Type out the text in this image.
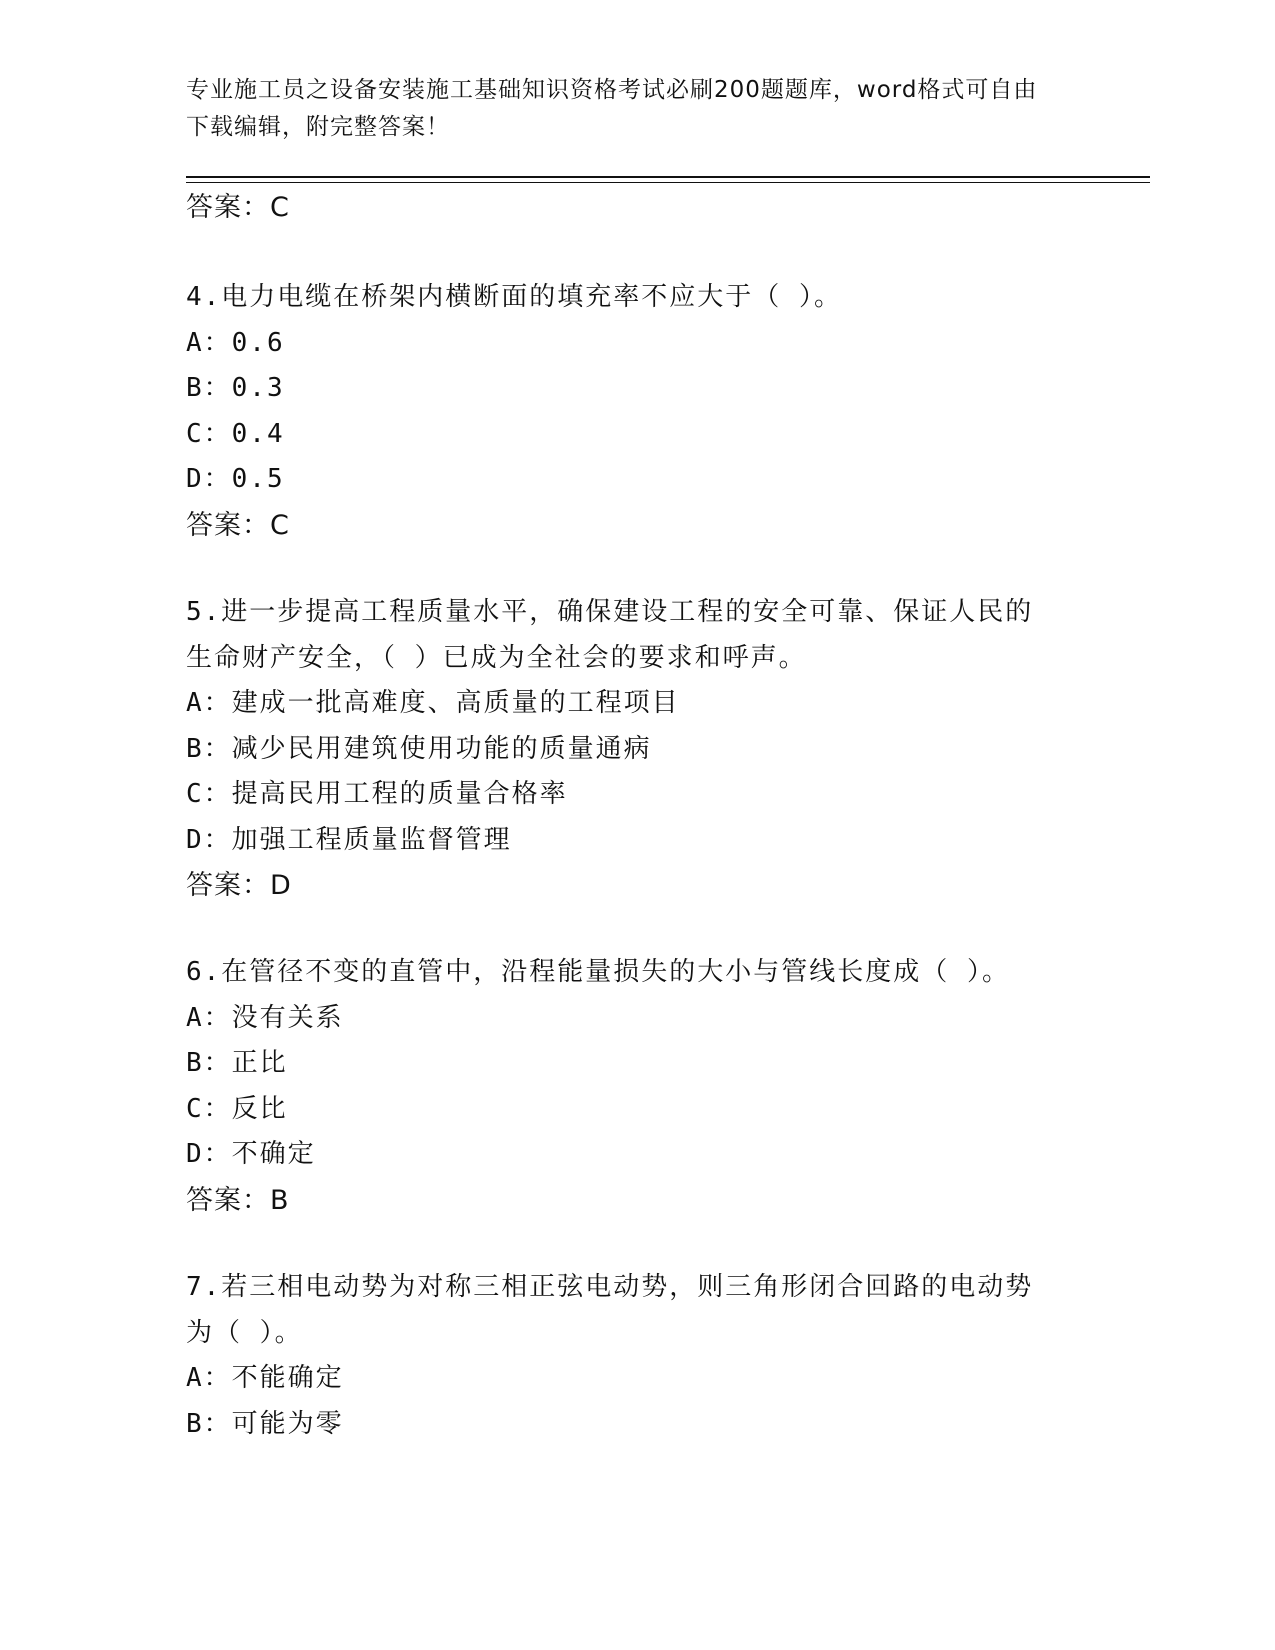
专业施工员之设备安装施工基础知识资格考试必刷200题题库，word格式可自由
下载编辑，附完整答案！
答案：C
4.电力电缆在桥架内横断面的填充率不应大于（ ）。
A：0.6
B：0.3
C：0.4
D：0.5
答案：C
5.进一步提高工程质量水平，确保建设工程的安全可靠、保证人民的
生命财产安全，（ ）已成为全社会的要求和呼声。
A：建成一批高难度、高质量的工程项目
B：减少民用建筑使用功能的质量通病
C：提高民用工程的质量合格率
D：加强工程质量监督管理
答案：D
6.在管径不变的直管中，沿程能量损失的大小与管线长度成（ ）。
A：没有关系
B：正比
C：反比
D：不确定
答案：B
7.若三相电动势为对称三相正弦电动势，则三角形闭合回路的电动势
为（ ）。
A：不能确定
B：可能为零
